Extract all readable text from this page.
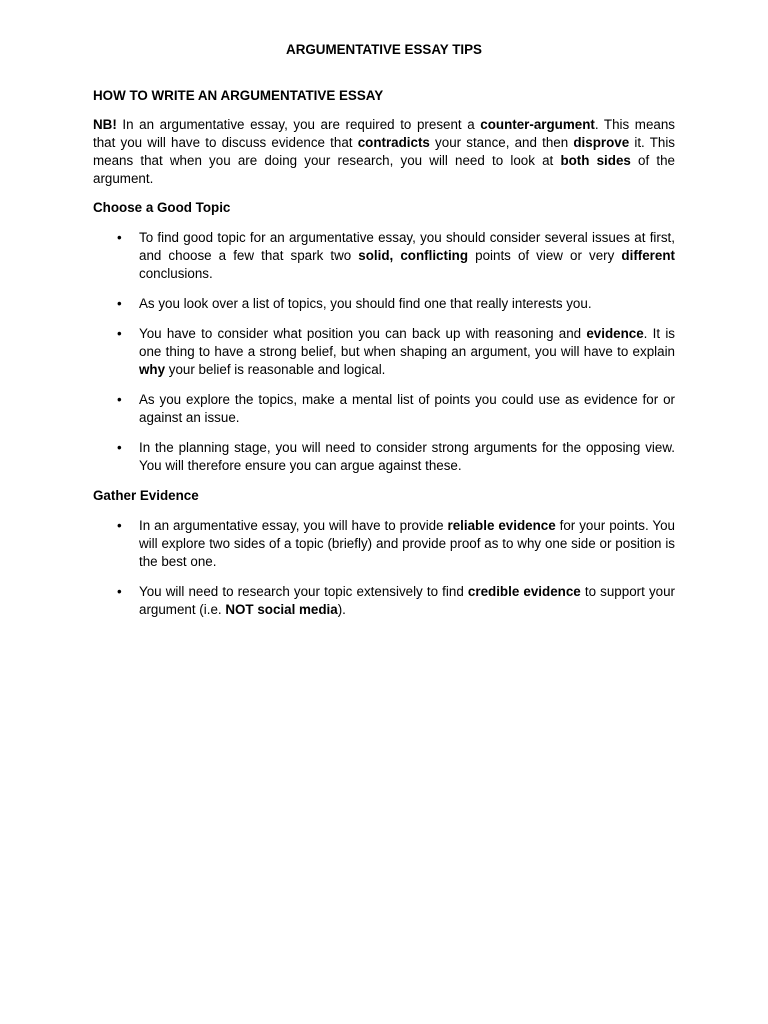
ARGUMENTATIVE ESSAY TIPS
HOW TO WRITE AN ARGUMENTATIVE ESSAY

NB! In an argumentative essay, you are required to present a counter-argument. This means that you will have to discuss evidence that contradicts your stance, and then disprove it. This means that when you are doing your research, you will need to look at both sides of the argument.

Choose a Good Topic
• To find good topic for an argumentative essay, you should consider several issues at first, and choose a few that spark two solid, conflicting points of view or very different conclusions.
• As you look over a list of topics, you should find one that really interests you.
• You have to consider what position you can back up with reasoning and evidence. It is one thing to have a strong belief, but when shaping an argument, you will have to explain why your belief is reasonable and logical.
• As you explore the topics, make a mental list of points you could use as evidence for or against an issue.
• In the planning stage, you will need to consider strong arguments for the opposing view. You will therefore ensure you can argue against these.
Gather Evidence
• In an argumentative essay, you will have to provide reliable evidence for your points. You will explore two sides of a topic (briefly) and provide proof as to why one side or position is the best one.
• You will need to research your topic extensively to find credible evidence to support your argument (i.e. NOT social media).
